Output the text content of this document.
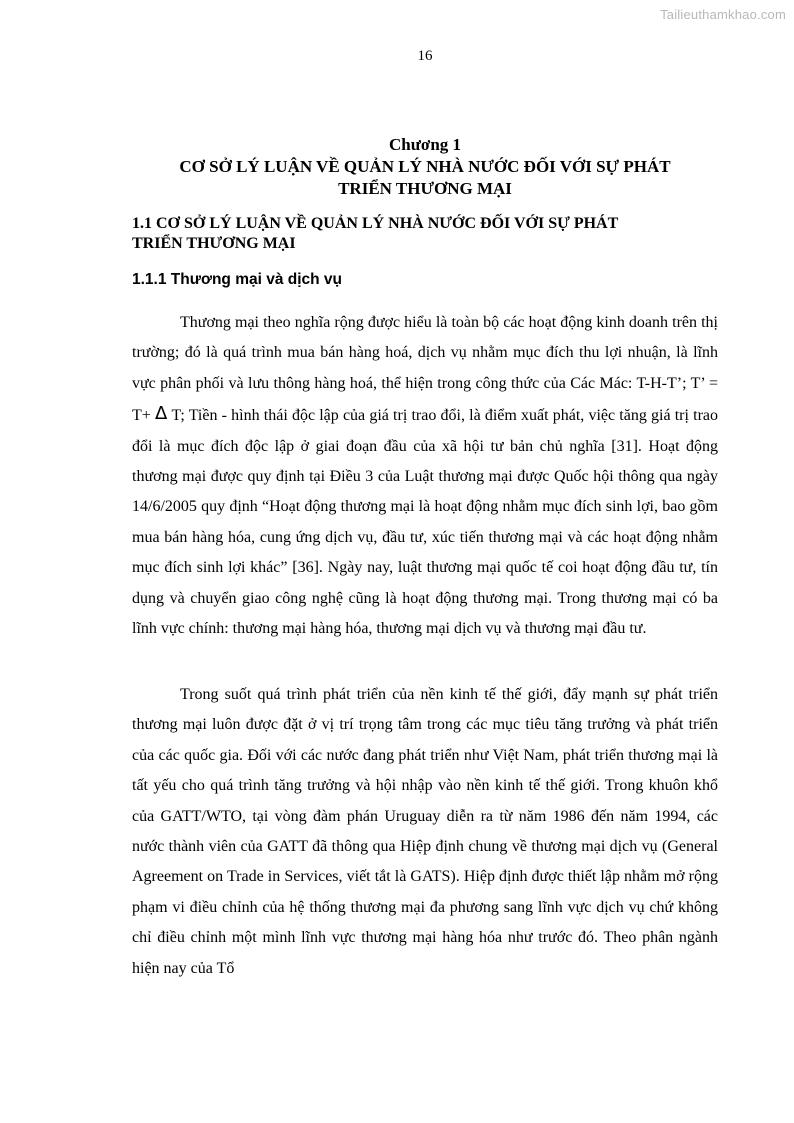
Tailieuthamkhao.com
16
Chương 1
CƠ SỞ LÝ LUẬN VỀ QUẢN LÝ NHÀ NƯỚC ĐỐI VỚI SỰ PHÁT
TRIỂN THƯƠNG MẠI
1.1 CƠ SỞ LÝ LUẬN VỀ QUẢN LÝ NHÀ NƯỚC ĐỐI VỚI SỰ PHÁT
TRIỂN THƯƠNG MẠI
1.1.1 Thương mại và dịch vụ

Thương mại theo nghĩa rộng được hiểu là toàn bộ các hoạt động kinh doanh trên thị trường; đó là quá trình mua bán hàng hoá, dịch vụ nhằm mục đích thu lợi nhuận, là lĩnh vực phân phối và lưu thông hàng hoá, thể hiện trong công thức của Các Mác: T-H-T’; T’ = T+ Δ T; Tiền - hình thái độc lập của giá trị trao đổi, là điểm xuất phát, việc tăng giá trị trao đổi là mục đích độc lập ở giai đoạn đầu của xã hội tư bản chủ nghĩa [31]. Hoạt động thương mại được quy định tại Điều 3 của Luật thương mại được Quốc hội thông qua ngày 14/6/2005 quy định “Hoạt động thương mại là hoạt động nhằm mục đích sinh lợi, bao gồm mua bán hàng hóa, cung ứng dịch vụ, đầu tư, xúc tiến thương mại và các hoạt động nhằm mục đích sinh lợi khác” [36]. Ngày nay, luật thương mại quốc tế coi hoạt động đầu tư, tín dụng và chuyển giao công nghệ cũng là hoạt động thương mại. Trong thương mại có ba lĩnh vực chính: thương mại hàng hóa, thương mại dịch vụ và thương mại đầu tư.

Trong suốt quá trình phát triển của nền kinh tế thế giới, đẩy mạnh sự phát triển thương mại luôn được đặt ở vị trí trọng tâm trong các mục tiêu tăng trưởng và phát triển của các quốc gia. Đối với các nước đang phát triển như Việt Nam, phát triển thương mại là tất yếu cho quá trình tăng trưởng và hội nhập vào nền kinh tế thế giới. Trong khuôn khổ của GATT/WTO, tại vòng đàm phán Uruguay diễn ra từ năm 1986 đến năm 1994, các nước thành viên của GATT đã thông qua Hiệp định chung về thương mại dịch vụ (General Agreement on Trade in Services, viết tắt là GATS). Hiệp định được thiết lập nhằm mở rộng phạm vi điều chỉnh của hệ thống thương mại đa phương sang lĩnh vực dịch vụ chứ không chỉ điều chỉnh một mình lĩnh vực thương mại hàng hóa như trước đó. Theo phân ngành hiện nay của Tổ
